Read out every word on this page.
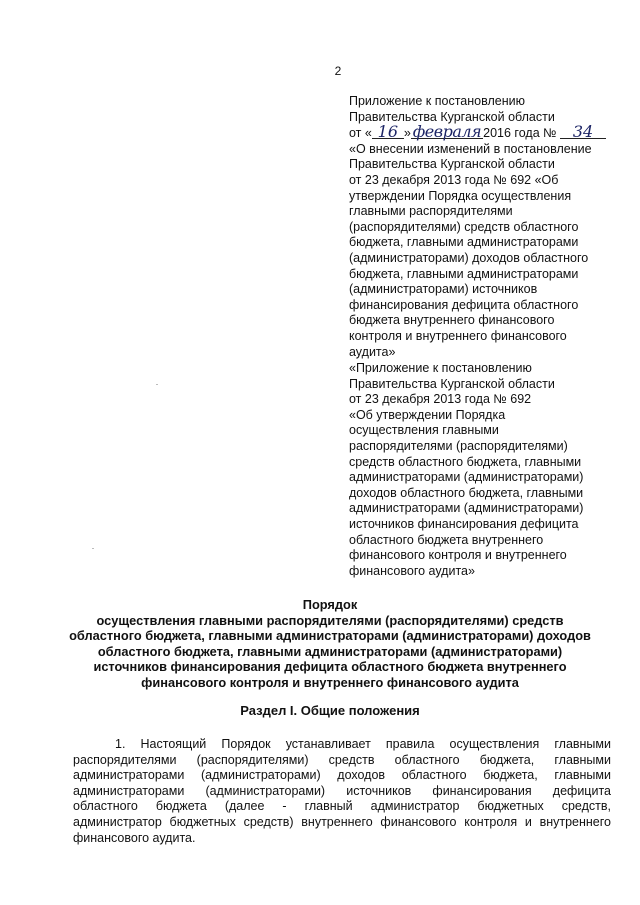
2

Приложение к постановлению

Правительства Курганской области

от « 16 » февраля 2016 года № 34

«О внесении изменений в постановление

Правительства Курганской области

от 23 декабря 2013 года № 692 «Об

утверждении Порядка осуществления

главными распорядителями

(распорядителями) средств областного

бюджета, главными администраторами

(администраторами) доходов областного

бюджета, главными администраторами

(администраторами) источников

финансирования дефицита областного

бюджета внутреннего финансового

контроля и внутреннего финансового

аудита»

«Приложение к постановлению

Правительства Курганской области

от 23 декабря 2013 года № 692

«Об утверждении Порядка

осуществления главными

распорядителями (распорядителями)

средств областного бюджета, главными

администраторами (администраторами)

доходов областного бюджета, главными

администраторами (администраторами)

источников финансирования дефицита

областного бюджета внутреннего

финансового контроля и внутреннего

финансового аудита»

Порядок

осуществления главными распорядителями (распорядителями) средств

областного бюджета, главными администраторами (администраторами) доходов

областного бюджета, главными администраторами (администраторами)

источников финансирования дефицита областного бюджета внутреннего

финансового контроля и внутреннего финансового аудита

Раздел I. Общие положения

1. Настоящий Порядок устанавливает правила осуществления главными

распорядителями (распорядителями) средств областного бюджета, главными

администраторами (администраторами) доходов областного бюджета, главными

администраторами (администраторами) источников финансирования дефицита

областного бюджета (далее - главный администратор бюджетных средств,

администратор бюджетных средств) внутреннего финансового контроля и внутреннего

финансового аудита.
